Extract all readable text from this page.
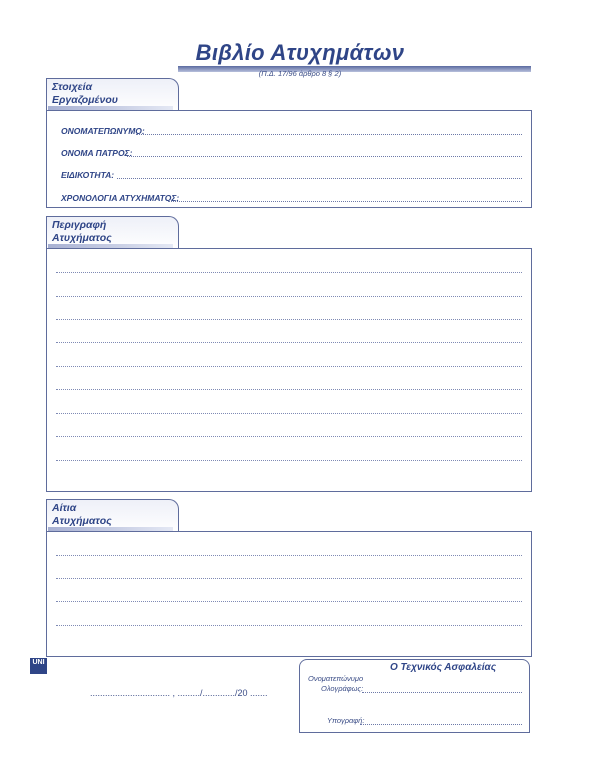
Βιβλίο Ατυχημάτων
(Π.Δ. 17/96 άρθρο 8 § 2)
Στοιχεία
Εργαζομένου
ΟΝΟΜΑΤΕΠΩΝΥΜΟ:
ΟΝΟΜΑ ΠΑΤΡΟΣ:
ΕΙΔΙΚΟΤΗΤΑ:
ΧΡΟΝΟΛΟΓΙΑ ΑΤΥΧΗΜΑΤΟΣ:
Περιγραφή
Ατυχήματος
Αίτια
Ατυχήματος
UNI

................................ , ........./............./20 .......
Ο Τεχνικός Ασφαλείας
Ονοματεπώνυμο
Ολογράφως:
Υπογραφή:
